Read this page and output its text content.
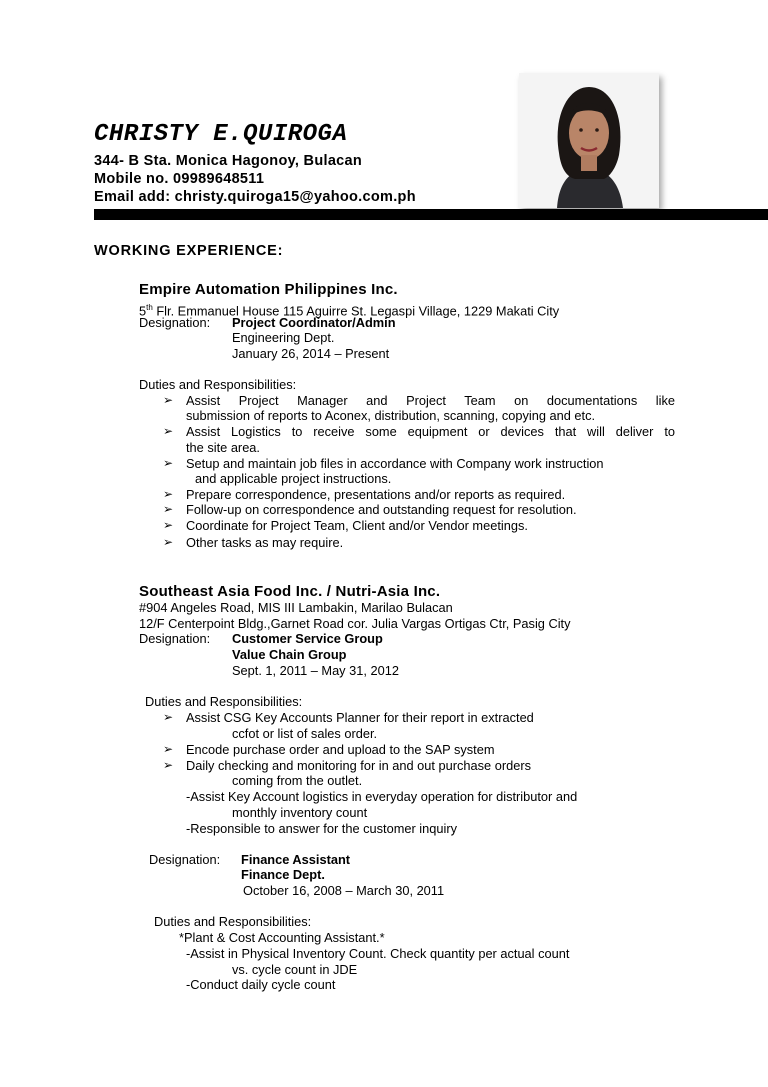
CHRISTY E.QUIROGA
344- B Sta. Monica Hagonoy, Bulacan
Mobile no. 09989648511
Email add: christy.quiroga15@yahoo.com.ph
WORKING EXPERIENCE:
Empire Automation Philippines Inc.
5th Flr. Emmanuel House 115 Aguirre St. Legaspi Village, 1229 Makati City
Designation: Project Coordinator/Admin
Engineering Dept.
January 26, 2014 – Present
Duties and Responsibilities:
➢ Assist Project Manager and Project Team on documentations like
submission of reports to Aconex, distribution, scanning, copying and etc.
➢ Assist Logistics to receive some equipment or devices that will deliver to
the site area.
➢ Setup and maintain job files in accordance with Company work instruction
and applicable project instructions.
➢ Prepare correspondence, presentations and/or reports as required.
➢ Follow-up on correspondence and outstanding request for resolution.
➢ Coordinate for Project Team, Client and/or Vendor meetings.
➢ Other tasks as may require.
Southeast Asia Food Inc. / Nutri-Asia Inc.
#904 Angeles Road, MIS III Lambakin, Marilao Bulacan
12/F Centerpoint Bldg.,Garnet Road cor. Julia Vargas Ortigas Ctr, Pasig City
Designation: Customer Service Group
Value Chain Group
Sept. 1, 2011 – May 31, 2012
Duties and Responsibilities:
➢ Assist CSG Key Accounts Planner for their report in extracted
ccfot or list of sales order.
➢ Encode purchase order and upload to the SAP system
➢ Daily checking and monitoring for in and out purchase orders
coming from the outlet.
-Assist Key Account logistics in everyday operation for distributor and
monthly inventory count
-Responsible to answer for the customer inquiry
Designation: Finance Assistant
Finance Dept.
October 16, 2008 – March 30, 2011
Duties and Responsibilities:
*Plant & Cost Accounting Assistant.*
-Assist in Physical Inventory Count. Check quantity per actual count
vs. cycle count in JDE
-Conduct daily cycle count
